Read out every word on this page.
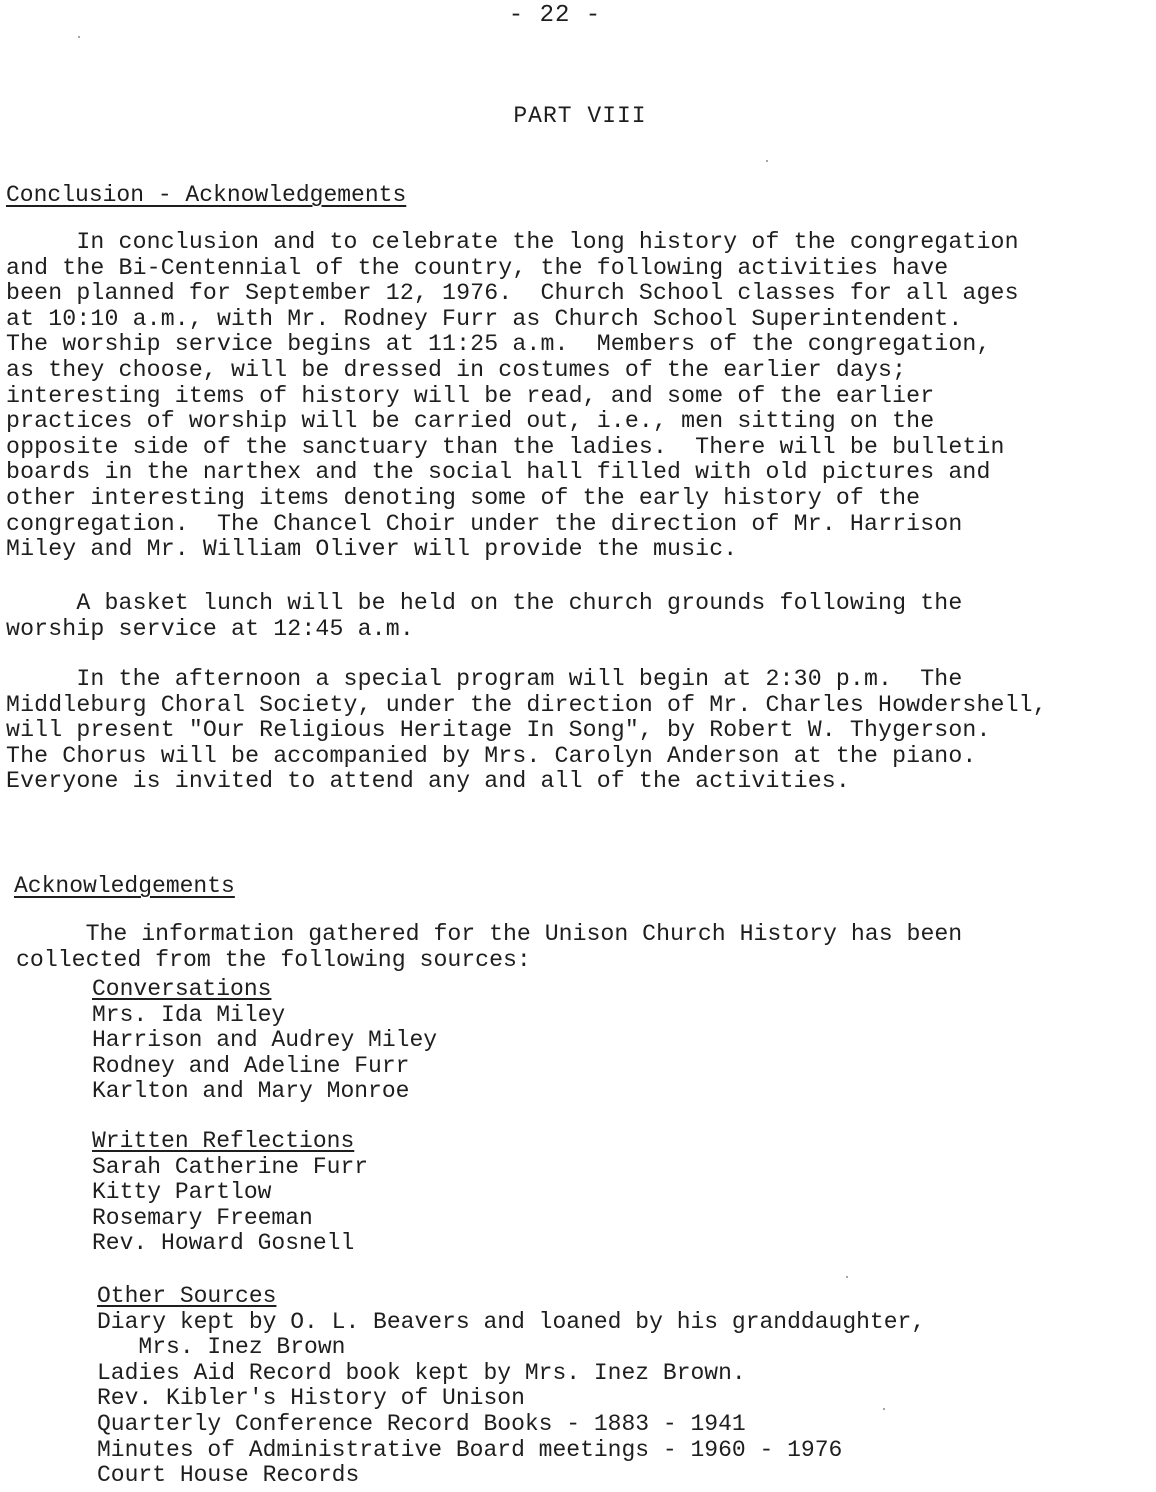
- 22 -
PART VIII
Conclusion - Acknowledgements
In conclusion and to celebrate the long history of the congregation
and the Bi-Centennial of the country, the following activities have
been planned for September 12, 1976.  Church School classes for all ages
at 10:10 a.m., with Mr. Rodney Furr as Church School Superintendent.
The worship service begins at 11:25 a.m.  Members of the congregation,
as they choose, will be dressed in costumes of the earlier days;
interesting items of history will be read, and some of the earlier
practices of worship will be carried out, i.e., men sitting on the
opposite side of the sanctuary than the ladies.  There will be bulletin
boards in the narthex and the social hall filled with old pictures and
other interesting items denoting some of the early history of the
congregation.  The Chancel Choir under the direction of Mr. Harrison
Miley and Mr. William Oliver will provide the music.
A basket lunch will be held on the church grounds following the
worship service at 12:45 a.m.
In the afternoon a special program will begin at 2:30 p.m.  The
Middleburg Choral Society, under the direction of Mr. Charles Howdershell,
will present "Our Religious Heritage In Song", by Robert W. Thygerson.
The Chorus will be accompanied by Mrs. Carolyn Anderson at the piano.
Everyone is invited to attend any and all of the activities.
Acknowledgements
The information gathered for the Unison Church History has been
collected from the following sources:
Conversations
Mrs. Ida Miley
Harrison and Audrey Miley
Rodney and Adeline Furr
Karlton and Mary Monroe
Written Reflections
Sarah Catherine Furr
Kitty Partlow
Rosemary Freeman
Rev. Howard Gosnell
Other Sources
Diary kept by O. L. Beavers and loaned by his granddaughter,
Mrs. Inez Brown
Ladies Aid Record book kept by Mrs. Inez Brown.
Rev. Kibler's History of Unison
Quarterly Conference Record Books - 1883 - 1941
Minutes of Administrative Board meetings - 1960 - 1976
Court House Records
